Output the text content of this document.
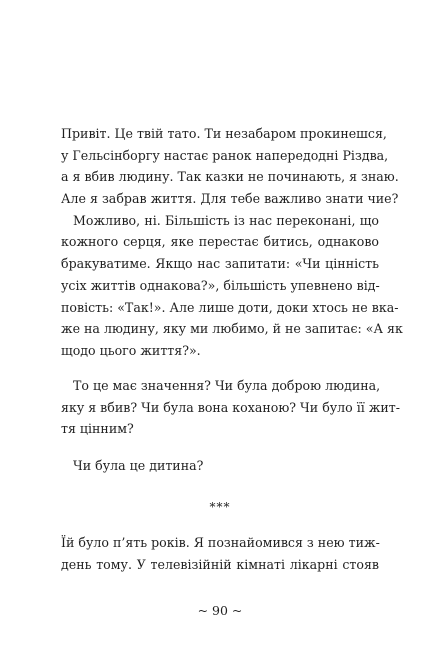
Привіт. Це твій тато. Ти незабаром прокинешся,
у Гельсінборгу настає ранок напередодні Різдва,
а я вбив людину. Так казки не починають, я знаю.
Але я забрав життя. Для тебе важливо знати чие?
Можливо, ні. Більшість із нас переконані, що
кожного серця, яке перестає битись, однаково
бракуватиме. Якщо нас запитати: «Чи цінність
усіх життів однакова?», більшість упевнено від-
повість: «Так!». Але лише доти, доки хтось не вка-
же на людину, яку ми любимо, й не запитає: «А як
щодо цього життя?».
То це має значення? Чи була доброю людина,
яку я вбив? Чи була вона коханою? Чи було її жит-
тя цінним?
Чи була це дитина?
***
Їй було п’ять років. Я познайомився з нею тиж-
день тому. У телевізійній кімнаті лікарні стояв
~ 90 ~
